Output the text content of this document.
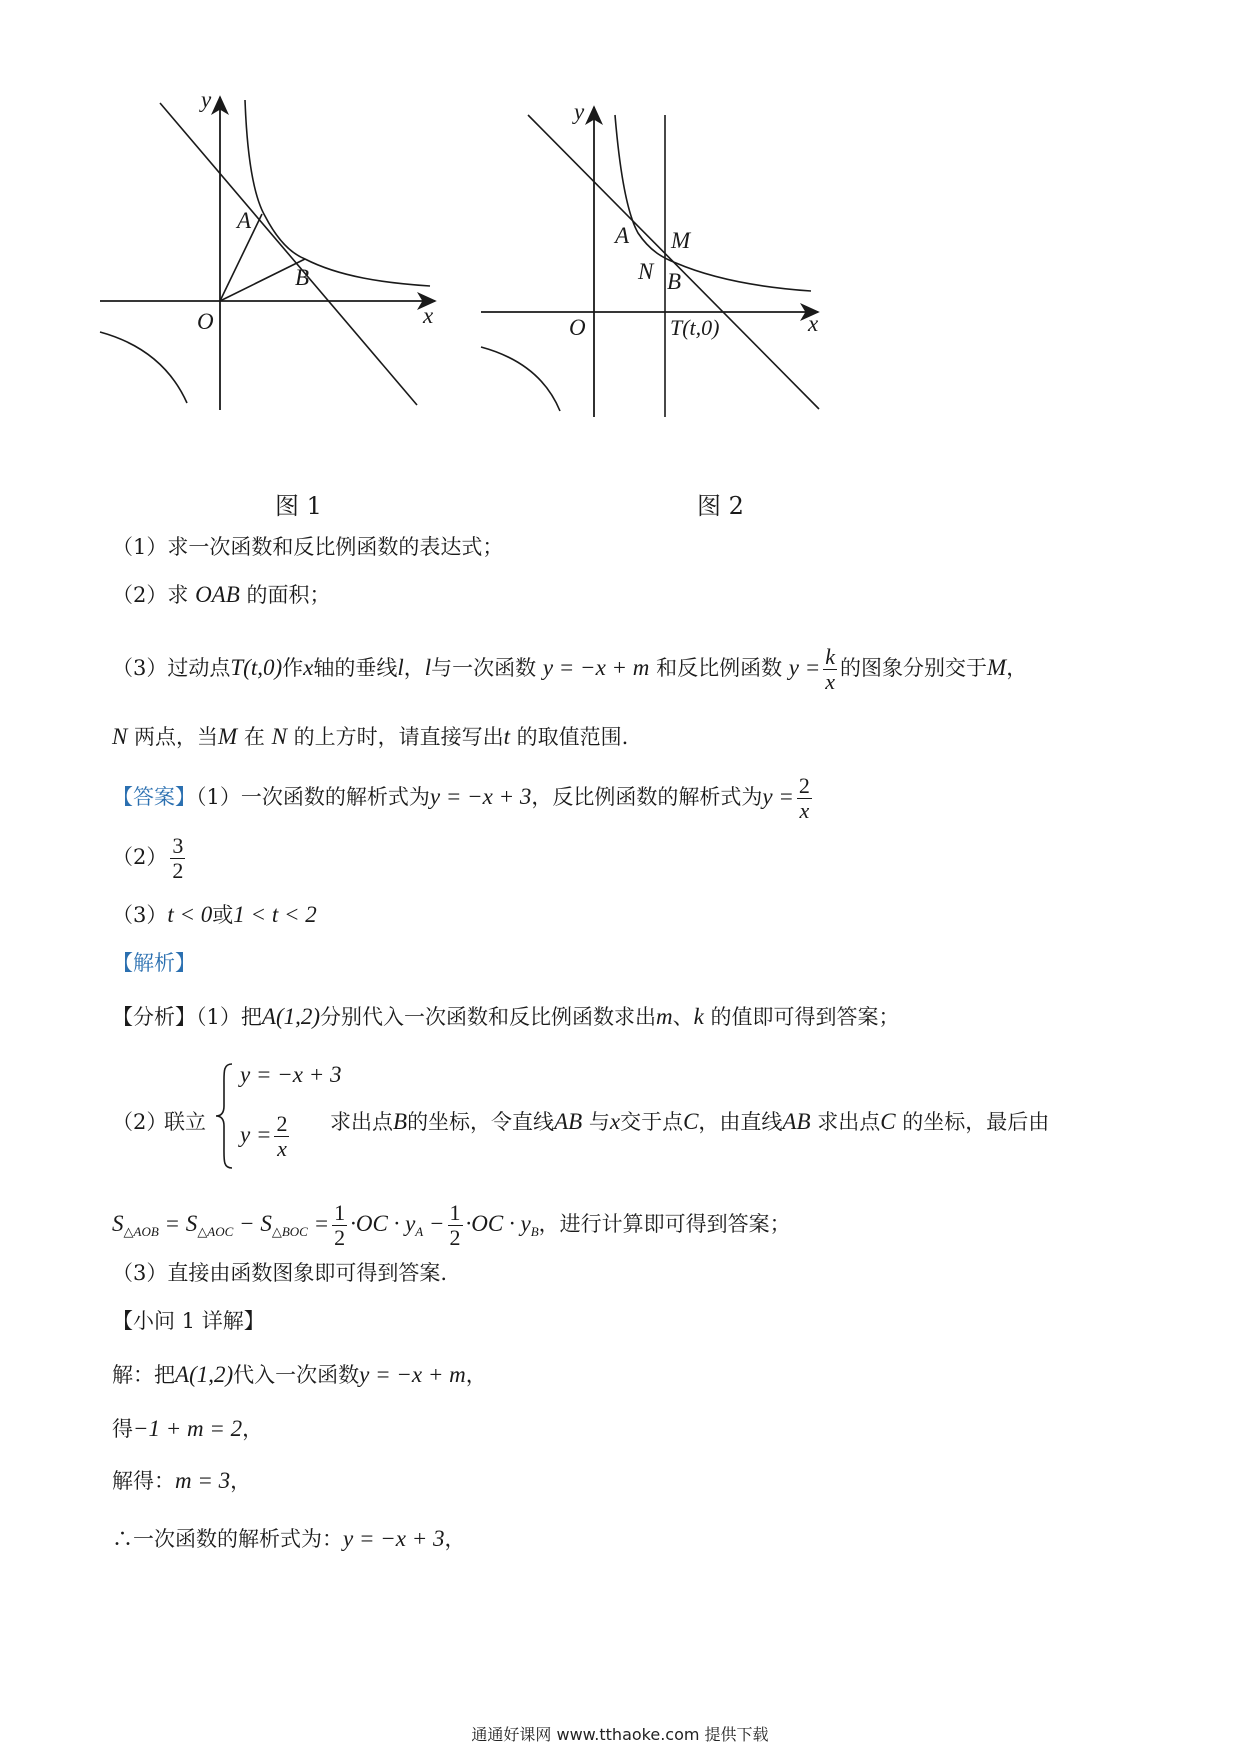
y
x
O
A
B
y
x
O
A M
N B
T(t,0)
图 1	图 2
（1）求一次函数和反比例函数的表达式；
（2）求 OAB 的面积；
（3）过动点T(t,0)作x轴的垂线l，l与一次函数 y = −x + m 和反比例函数 $y = \frac{k}{x}$ 的图象分别交于M，
N 两点，当M 在 N 的上方时，请直接写出t 的取值范围.
【答案】（1）一次函数的解析式为y = −x + 3，反比例函数的解析式为$y = \frac{2}{x}$
$(2) \frac{3}{2}$
（3）t < 0或1 < t < 2
【解析】
【分析】（1）把A(1,2)分别代入一次函数和反比例函数求出m、k 的值即可得到答案；
（2）
联立
y = −x + 3
$y = \frac{2}{x}$ 求出点B的坐标，令直线AB 与x交于点C，由直线AB 求出点C 的坐标，最后由
$S_{\triangle AOB} = S_{\triangle AOC} - S_{\triangle BOC} = \frac{1}{2} \cdot OC \cdot y_A - \frac{1}{2} \cdot OC \cdot y_B$，进行计算即可得到答案；
（3）直接由函数图象即可得到答案.
【小问 1 详解】
解：把A(1,2)代入一次函数y = −x + m，
得−1 + m = 2，
解得：m = 3，
∴一次函数的解析式为：y = −x + 3，
通通好课网 www.tthaoke.com 提供下载
